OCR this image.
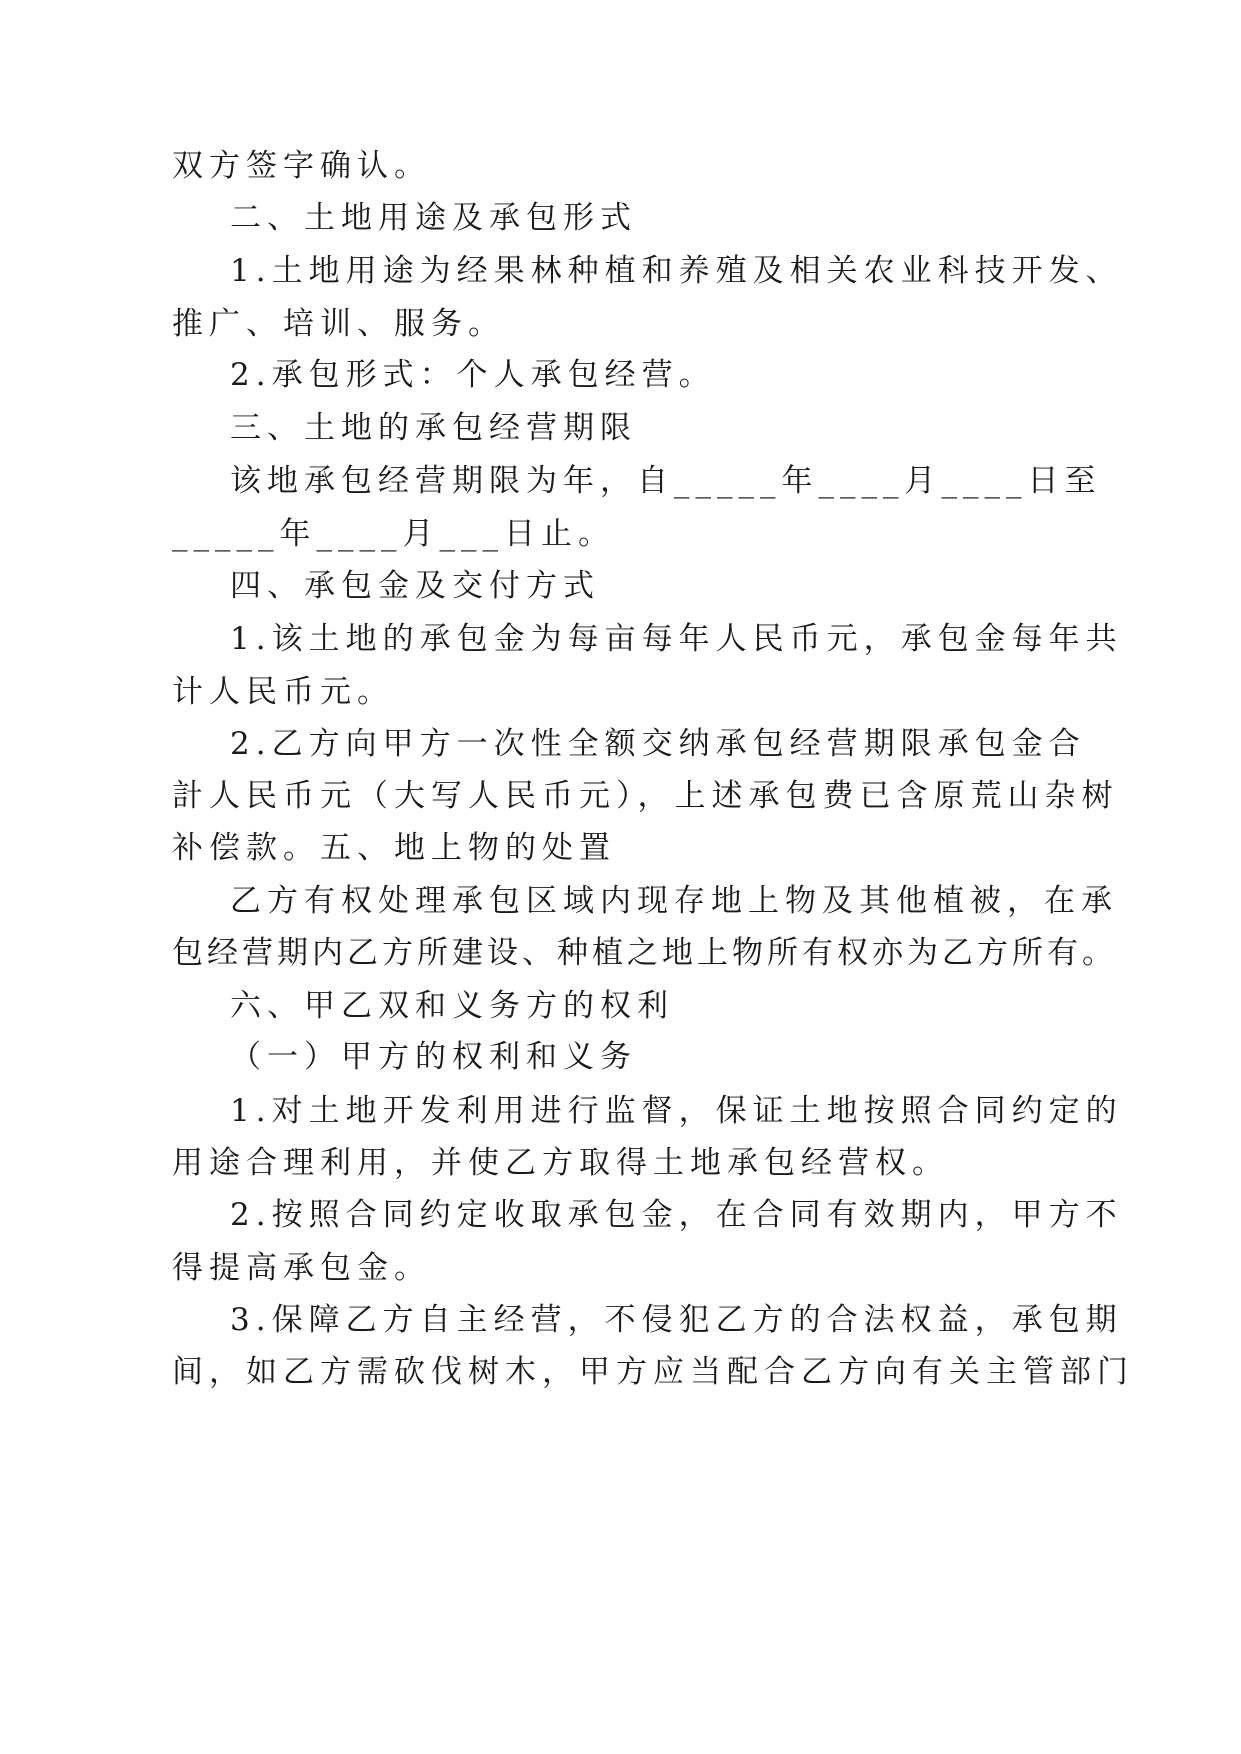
双方签字确认。
二、土地用途及承包形式
1.土地用途为经果林种植和养殖及相关农业科技开发、
推广、培训、服务。
2.承包形式：个人承包经营。
三、土地的承包经营期限
该地承包经营期限为年，自_____年____月____日至
_____年____月___日止。
四、承包金及交付方式
1.该土地的承包金为每亩每年人民币元，承包金每年共
计人民币元。
2.乙方向甲方一次性全额交纳承包经营期限承包金合
計人民币元（大写人民币元），上述承包费已含原荒山杂树
补偿款。五、地上物的处置
乙方有权处理承包区域内现存地上物及其他植被，在承
包经营期内乙方所建设、种植之地上物所有权亦为乙方所有。
六、甲乙双和义务方的权利
（一）甲方的权利和义务
1.对土地开发利用进行监督，保证土地按照合同约定的
用途合理利用，并使乙方取得土地承包经营权。
2.按照合同约定收取承包金，在合同有效期内，甲方不
得提高承包金。
3.保障乙方自主经营，不侵犯乙方的合法权益，承包期
间，如乙方需砍伐树木，甲方应当配合乙方向有关主管部门
